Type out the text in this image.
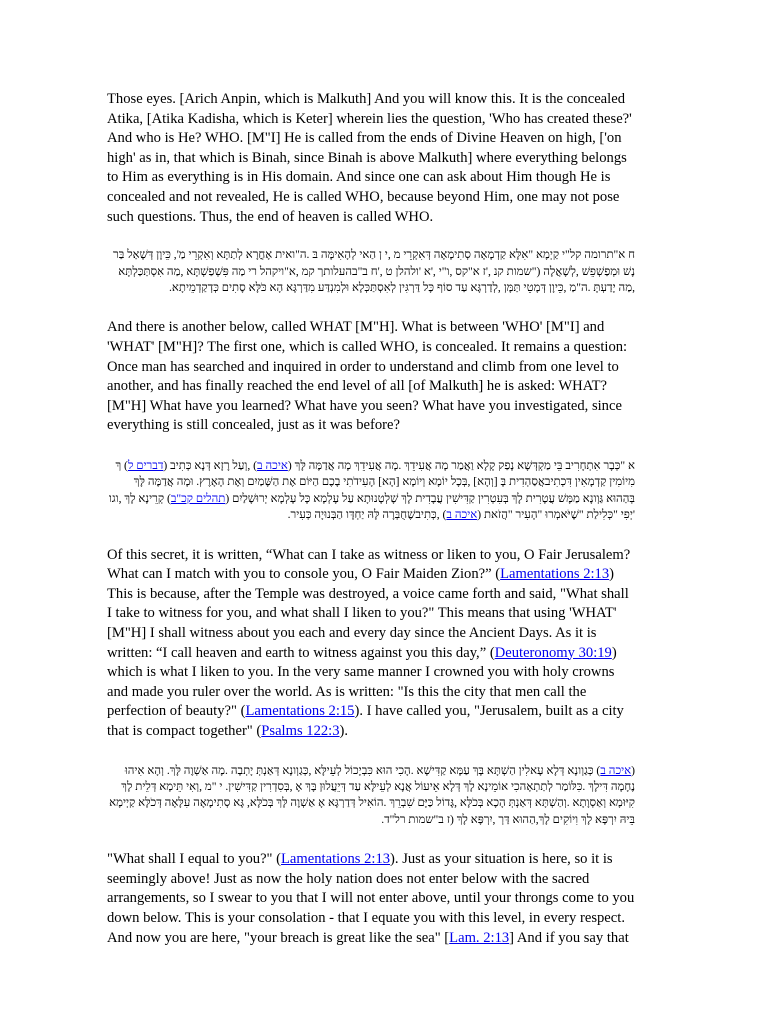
Those eyes. [Arich Anpin, which is Malkuth] And you will know this. It is the concealed Atika, [Atika Kadisha, which is Keter] wherein lies the question, 'Who has created these?' And who is He? WHO. [M"I] He is called from the ends of Divine Heaven on high, ['on high' as in, that which is Binah, since Binah is above Malkuth] where everything belongs to Him as everything is in His domain. And since one can ask about Him though He is concealed and not revealed, He is called WHO, because beyond Him, one may not pose such questions. Thus, the end of heaven is called WHO.

ח א"תרומה קל"י קַיְמָא "אִלָּא קַדְמָאָה סְתִימָאָה דְּאִקְרֵי מ ,י ן הַאי לְהָאִימָּה בּ .ה"ואית אָחֳרָא לְתַתָּא וְאִקְרֵי מַ', כֵּיוָן דְּשָׁאַל בַּר נָשׁ וּמְפַשְׁפֵשׁ ,לְשָׁאֲלָה ("שמות קנ ,'ז א"קס ,ו"י ,'א 'ולהלן ט ,'ח ב"בהעלותך קמ ,א"ויקהל רי מַה פִּשְׁפַשְׁתָּא ,מַה אִסְתַּכַּלְתָּא ,מַה יָדַעְתָּ .ה"מַ ,כֵּיוָן דְּמָטֵי תַּמָּן ,לְדַרְגָּא עַד סוֹף כָּל דַּרְגִּין לְאִסְתַּכְּלָא וּלְמִנְדַּע מִדַּרְגָּא הָא כֹּלָּא סָתִים כְּדְקַדְמֵיתָא.

And there is another below, called WHAT [M"H]. What is between 'WHO' [M"I] and 'WHAT' [M"H]? The first one, which is called WHO, is concealed. It remains a question: Once man has searched and inquired in order to understand and climb from one level to another, and has finally reached the end level of all [of Malkuth] he is asked: WHAT? [M"H] What have you learned? What have you seen? What have you investigated, since everything is still concealed, just as it was before?

א "כְּבָר אִתְחָרִיב בֵּי מַקְדְּשָׁא נָפַק קָלָא וַאֲמַר מָה אֲעִידֵךְ .מָה אֲעִידֵךְ מָה אֲדַמֶּה לָּךְ (איכה ב) ,וְעַל רָזָא דְּנָא כְּתִיב (דברים ל) ךְ מִיוֹמִין קַדְמָאִין דִּכְתִיבאֲסַהְדִית בָּ [וְהָא] ,בְּכָל יוֹמָא וְיוֹמָא [הָא] הָעִידֹתִי בָכֶם הַיּוֹם אֶת הַשָּׁמַיִם וְאֶת הָאָרֶץ. וּמָה אֲדַמֶּה לָּךְ בְּהַהוּא גַּוְונָא מַמָּשׁ עֲטָרִית לָךְ בְּעִטְרִין קַדִּישִׁין עֲבָדִית לָךְ שָׁלְטָנוּתָא עַל עָלְמָא כָּל עָלְמָא יְרוּשָׁלַיִם (תהלים קכ"ב) קְרֵינָא לָךְ ,וגו 'יְפִי "כְּלִילַת "שֶׁיֹּאמְרוּ "הָעִיר "הֲזֹאת (איכה ב) ,כְּתִיבשֶׁחֻבְּרָה לָּהּ יַחְדָּו הַבְּנוּיָה כְּעִיר.

Of this secret, it is written, “What can I take as witness or liken to you, O Fair Jerusalem? What can I match with you to console you, O Fair Maiden Zion?” (Lamentations 2:13) This is because, after the Temple was destroyed, a voice came forth and said, "What shall I take to witness for you, and what shall I liken to you?" This means that using 'WHAT' [M"H] I shall witness about you each and every day since the Ancient Days. As it is written: “I call heaven and earth to witness against you this day,” (Deuteronomy 30:19) which is what I liken to you. In the very same manner I crowned you with holy crowns and made you ruler over the world. As is written: "Is this the city that men call the perfection of beauty?" (Lamentations 2:15). I have called you, "Jerusalem, built as a city that is compact together" (Psalms 122:3).

(איכה ב) כְּגַוְונָא דְּלָא עָאלִין הַשְׁתָּא בָּךְ עַמָּא קַדִּישָׁא .הָכִי הוּא כִּבְיָכוֹל לְעֵילָּא ,כְּגַוְונָא דְּאַנְתְּ יָתְבָה .מָה אַשְׁוֶה לָּךְ. וְהָא אִיהוּ נֶחָמָה דִּילָךְ .כִּלּוֹמַר לְתַתְאָהכִי אוֹמֵינָא לָךְ דְּלָא אֵיעוֹל אֲנָא לְעֵילָּא עַד דְּיֵעֲלוּן בָּךְ אָ ,בְּסִדְרִין קַדִּישִׁין. י "מ ,וְאִי תֵּימָא דְּלֵית לָךְ קִיּוּמָא וְאַסְוָתָא .וְהַשְׁתָּא דְּאַנְתְּ הָכָא בְּכֹלָּא ,גָּדוֹל כַּיָּם שִׁבְרֵךְ .הוֹאִיל דְּדַרְגָּא אָ אַשְׁוֶה לָּךְ בְּכֹלָּא, גָּא סְתִימָאָה עִלָּאָה דְּכֹלָּא קַיְימָא בֵּיהּ יִרְפָּא לָךְ וִיוֹקִים לָךְ,הַהוּא דַּרְ ,יִרְפָּא לָךְ (ז ב"שמות רל"ד.

"What shall I equal to you?" (Lamentations 2:13). Just as your situation is here, so it is seemingly above! Just as now the holy nation does not enter below with the sacred arrangements, so I swear to you that I will not enter above, until your throngs come to you down below. This is your consolation - that I equate you with this level, in every respect. And now you are here, "your breach is great like the sea" [Lam. 2:13] And if you say that
